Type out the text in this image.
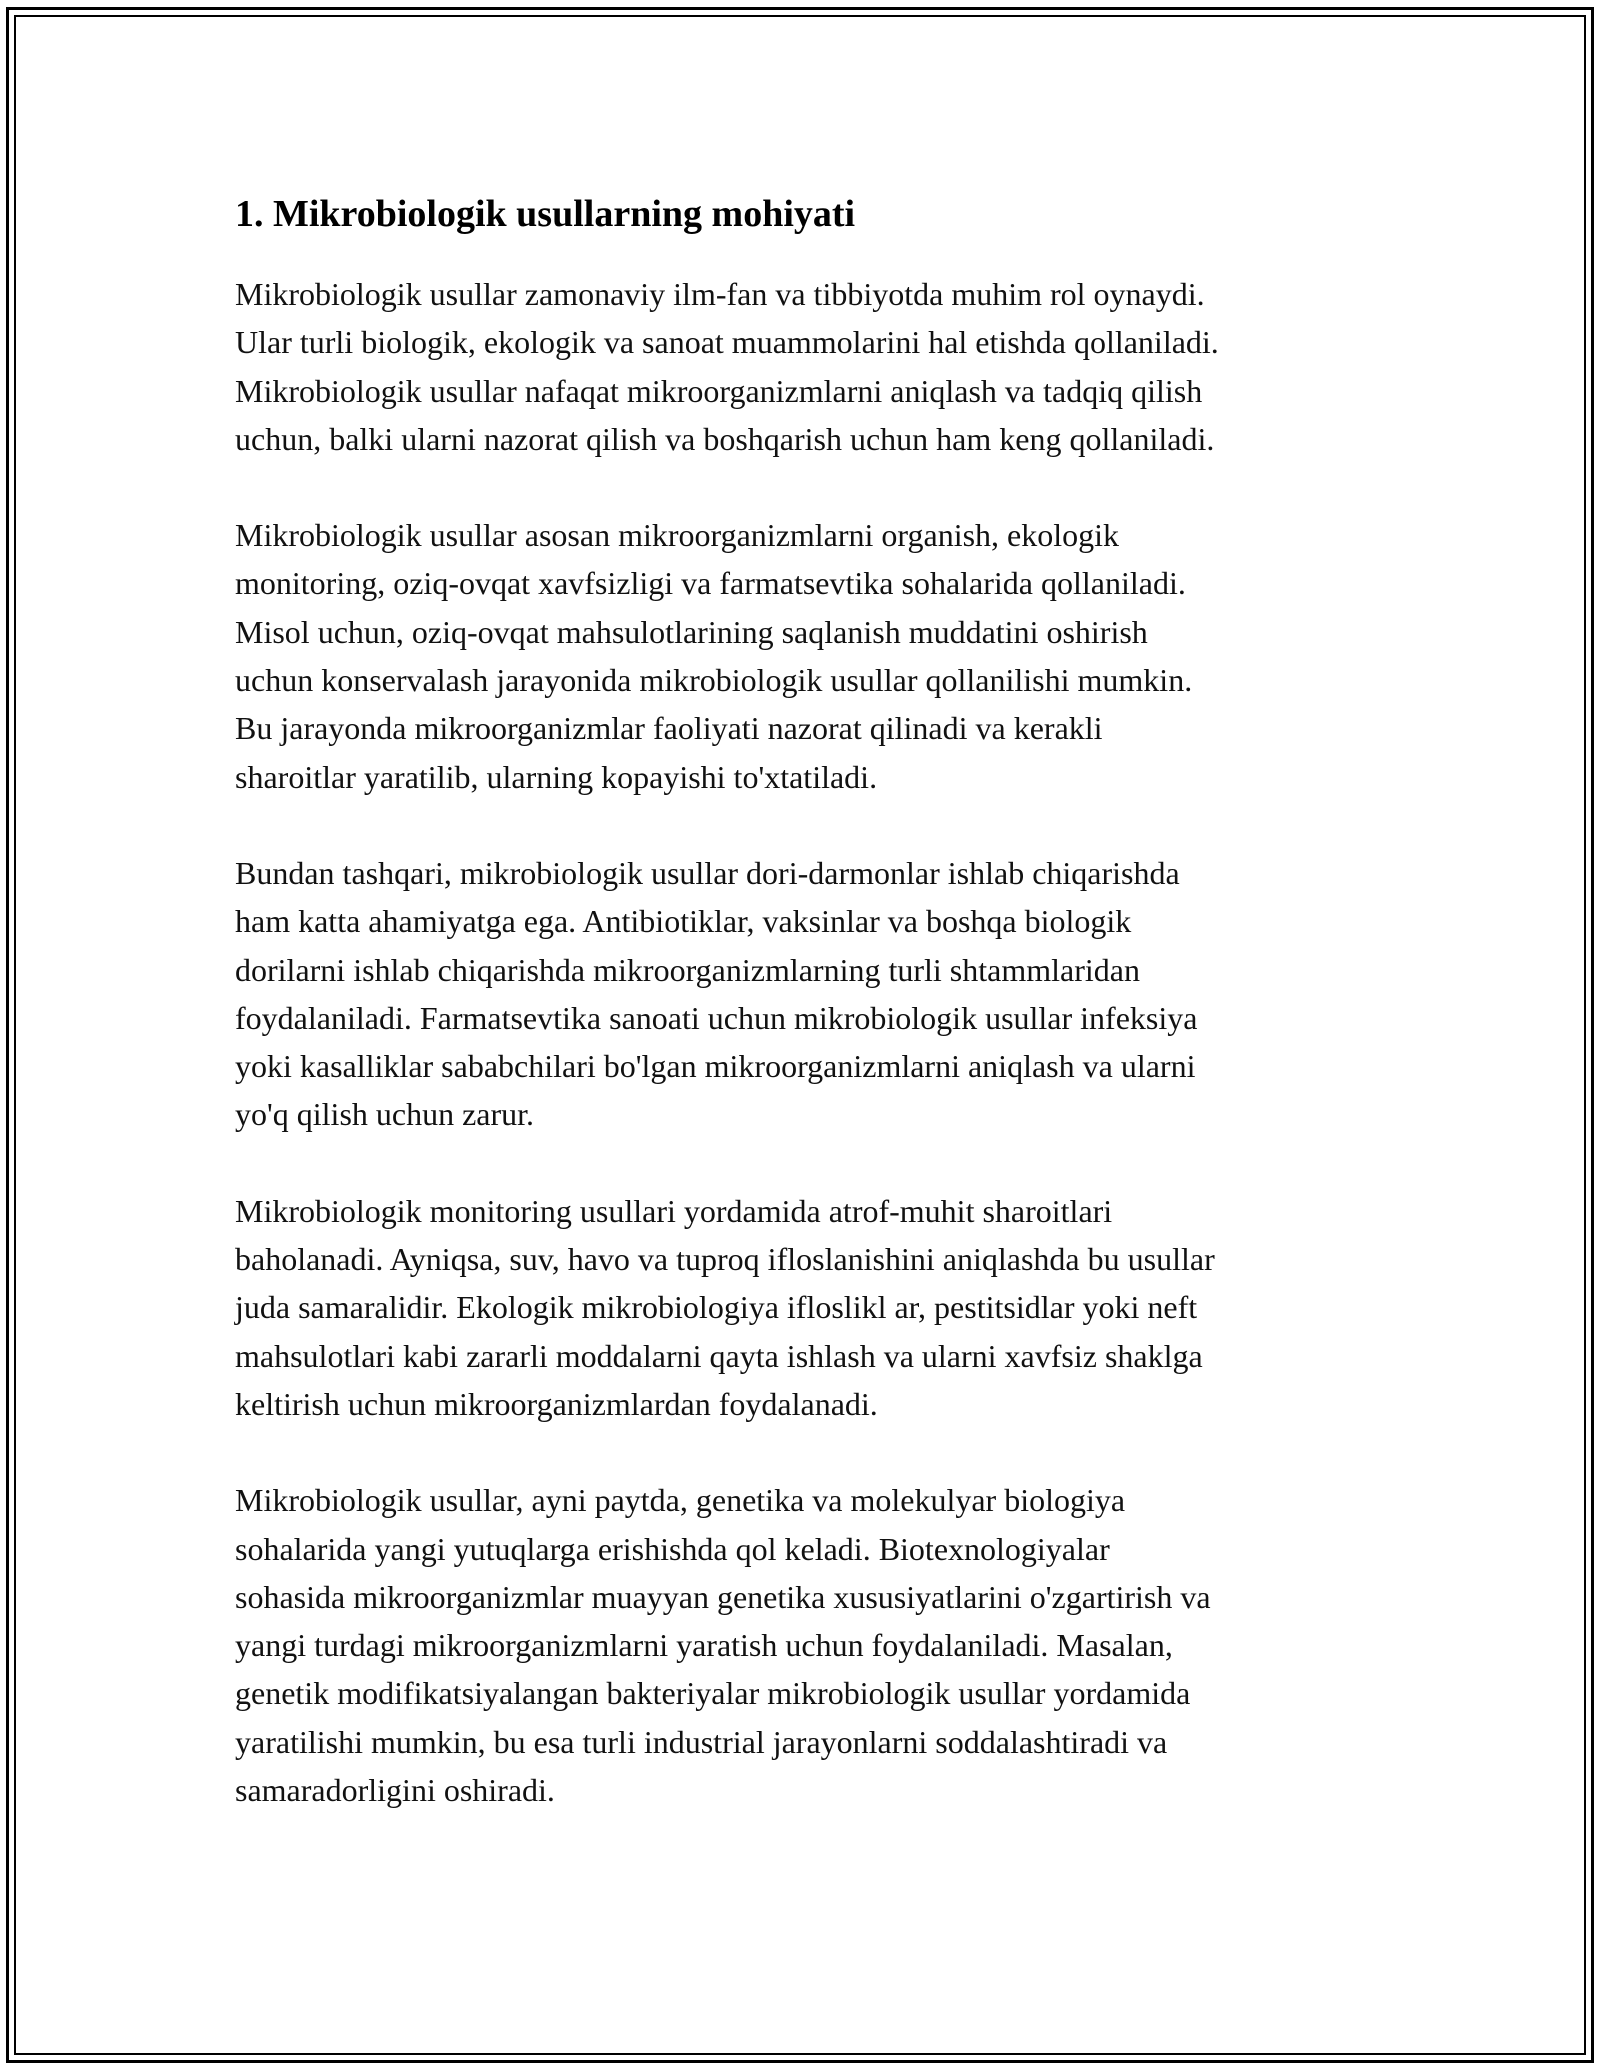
1. Mikrobiologik usullarning mohiyati

Mikrobiologik usullar zamonaviy ilm-fan va tibbiyotda muhim rol oynaydi.
Ular turli biologik, ekologik va sanoat muammolarini hal etishda qollaniladi.
Mikrobiologik usullar nafaqat mikroorganizmlarni aniqlash va tadqiq qilish
uchun, balki ularni nazorat qilish va boshqarish uchun ham keng qollaniladi.

Mikrobiologik usullar asosan mikroorganizmlarni organish, ekologik
monitoring, oziq-ovqat xavfsizligi va farmatsevtika sohalarida qollaniladi.
Misol uchun, oziq-ovqat mahsulotlarining saqlanish muddatini oshirish
uchun konservalash jarayonida mikrobiologik usullar qollanilishi mumkin.
Bu jarayonda mikroorganizmlar faoliyati nazorat qilinadi va kerakli
sharoitlar yaratilib, ularning kopayishi to'xtatiladi.

Bundan tashqari, mikrobiologik usullar dori-darmonlar ishlab chiqarishda
ham katta ahamiyatga ega. Antibiotiklar, vaksinlar va boshqa biologik
dorilarni ishlab chiqarishda mikroorganizmlarning turli shtammlaridan
foydalaniladi. Farmatsevtika sanoati uchun mikrobiologik usullar infeksiya
yoki kasalliklar sababchilari bo'lgan mikroorganizmlarni aniqlash va ularni
yo'q qilish uchun zarur.

Mikrobiologik monitoring usullari yordamida atrof-muhit sharoitlari
baholanadi. Ayniqsa, suv, havo va tuproq ifloslanishini aniqlashda bu usullar
juda samaralidir. Ekologik mikrobiologiya ifloslikl ar, pestitsidlar yoki neft
mahsulotlari kabi zararli moddalarni qayta ishlash va ularni xavfsiz shaklga
keltirish uchun mikroorganizmlardan foydalanadi.

Mikrobiologik usullar, ayni paytda, genetika va molekulyar biologiya
sohalarida yangi yutuqlarga erishishda qol keladi. Biotexnologiyalar
sohasida mikroorganizmlar muayyan genetika xususiyatlarini o'zgartirish va
yangi turdagi mikroorganizmlarni yaratish uchun foydalaniladi. Masalan,
genetik modifikatsiyalangan bakteriyalar mikrobiologik usullar yordamida
yaratilishi mumkin, bu esa turli industrial jarayonlarni soddalashtiradi va
samaradorligini oshiradi.
